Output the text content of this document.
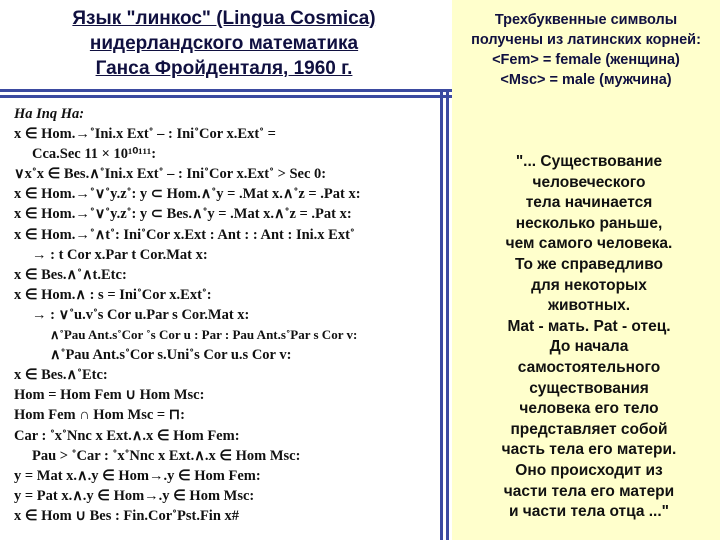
Язык "линкос" (Lingua Cosmica)
нидерландского математика
Ганса Фройденталя, 1960 г.
Ha Inq Ha:
x ∈ Hom.→˚Ini.x Ext˚ – : Ini˚Cor x.Ext˚ =
Cca.Sec 11 × 10¹⁰¹¹¹:
∨x˚x ∈ Bes.∧˚Ini.x Ext˚ – : Ini˚Cor x.Ext˚ > Sec 0:
x ∈ Hom.→˚∨˚y.z˚: y ⊂ Hom.∧˚y = .Mat x.∧˚z = .Pat x:
x ∈ Hom.→˚∨˚y.z˚: y ⊂ Bes.∧˚y = .Mat x.∧˚z = .Pat x:
x ∈ Hom.→˚∧t˚: Ini˚Cor x.Ext : Ant : : Ant : Ini.x Ext˚
→ : t Cor x.Par t Cor.Mat x:
x ∈ Bes.∧˚∧t.Etc:
x ∈ Hom.∧ : s = Ini˚Cor x.Ext˚:
→ : ∨˚u.v˚s Cor u.Par s Cor.Mat x:
∧˚Pau Ant.s˚Cor ˚s Cor u : Par : Pau Ant.s˚Par s Cor v:
∧˚Pau Ant.s˚Cor s.Uni˚s Cor u.s Cor v:
x ∈ Bes.∧˚Etc:
Hom = Hom Fem ∪ Hom Msc:
Hom Fem ∩ Hom Msc = ⊓:
Car : ˚x˚Nnc x Ext.∧.x ∈ Hom Fem:
Pau > ˚Car : ˚x˚Nnc x Ext.∧.x ∈ Hom Msc:
y = Mat x.∧.y ∈ Hom→.y ∈ Hom Fem:
y = Pat x.∧.y ∈ Hom→.y ∈ Hom Msc:
x ∈ Hom ∪ Bes : Fin.Cor˚Pst.Fin x#
Трехбуквенные символы
получены из латинских корней:
<Fem> = female (женщина)
<Msc> = male (мужчина)
"... Существование
человеческого
тела начинается
несколько раньше,
чем самого человека.
То же справедливо
для некоторых
животных.
Mat - мать. Pat - отец.
До начала
самостоятельного
существования
человека его тело
представляет собой
часть тела его матери.
Оно происходит из
части тела его матери
и части тела отца ..."
